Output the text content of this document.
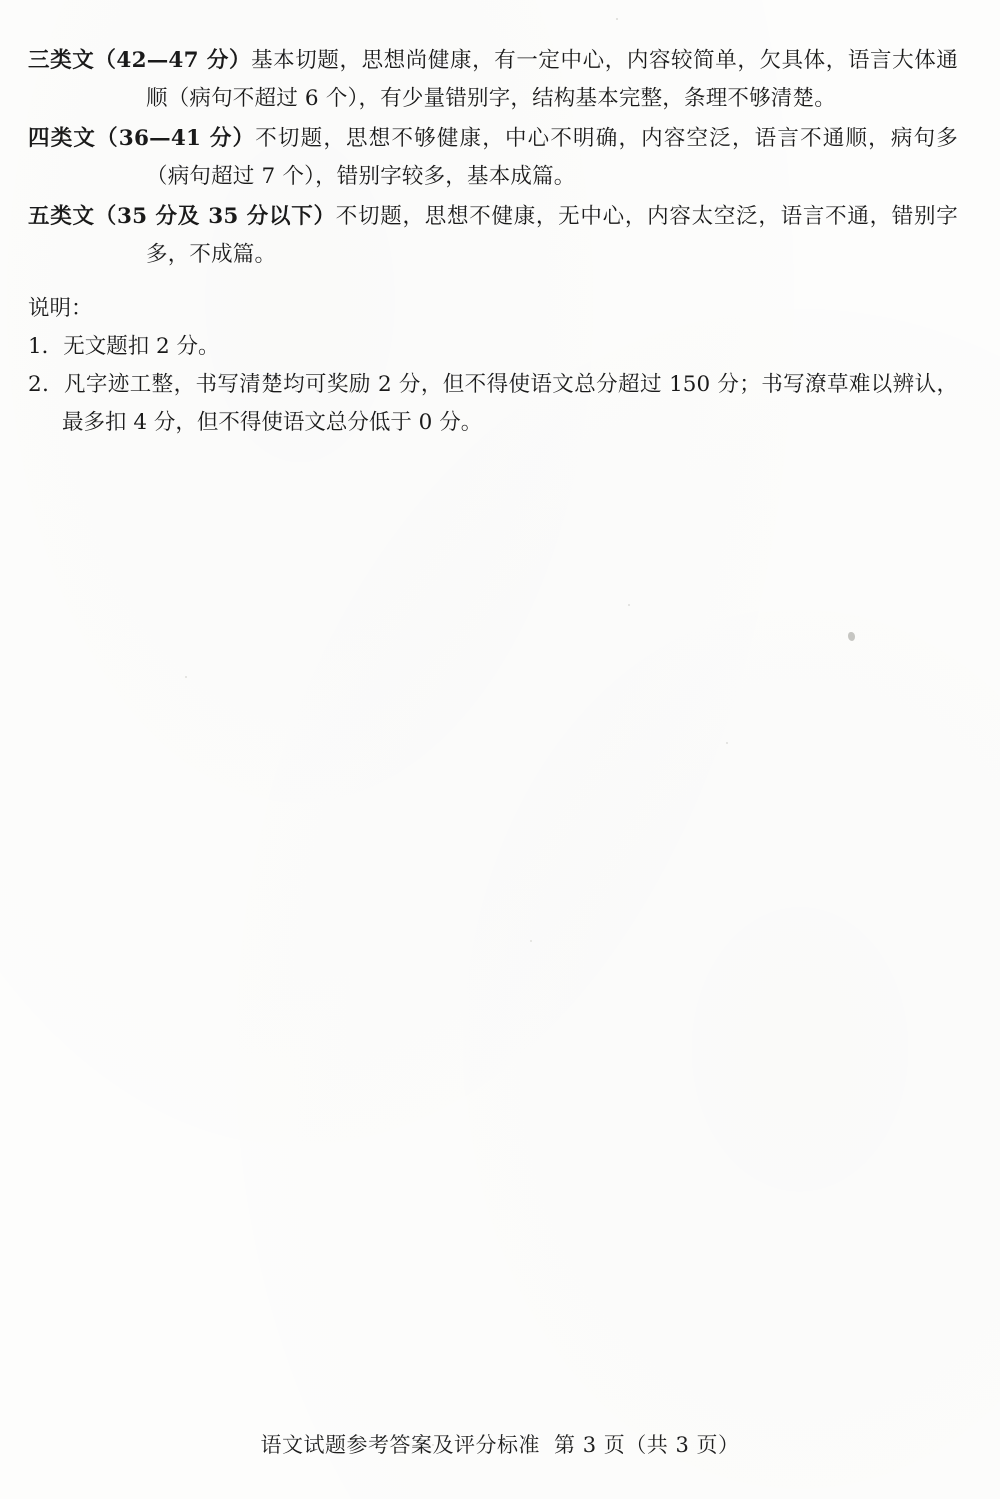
三类文（42—47 分）基本切题，思想尚健康，有一定中心，内容较简单，欠具体，语言大体通顺（病句不超过 6 个），有少量错别字，结构基本完整，条理不够清楚。
四类文（36—41 分）不切题，思想不够健康，中心不明确，内容空泛，语言不通顺，病句多（病句超过 7 个），错别字较多，基本成篇。
五类文（35 分及 35 分以下）不切题，思想不健康，无中心，内容太空泛，语言不通，错别字多，不成篇。
说明：
1．无文题扣 2 分。
2．凡字迹工整，书写清楚均可奖励 2 分，但不得使语文总分超过 150 分；书写潦草难以辨认，最多扣 4 分，但不得使语文总分低于 0 分。
语文试题参考答案及评分标准 第 3 页（共 3 页）
